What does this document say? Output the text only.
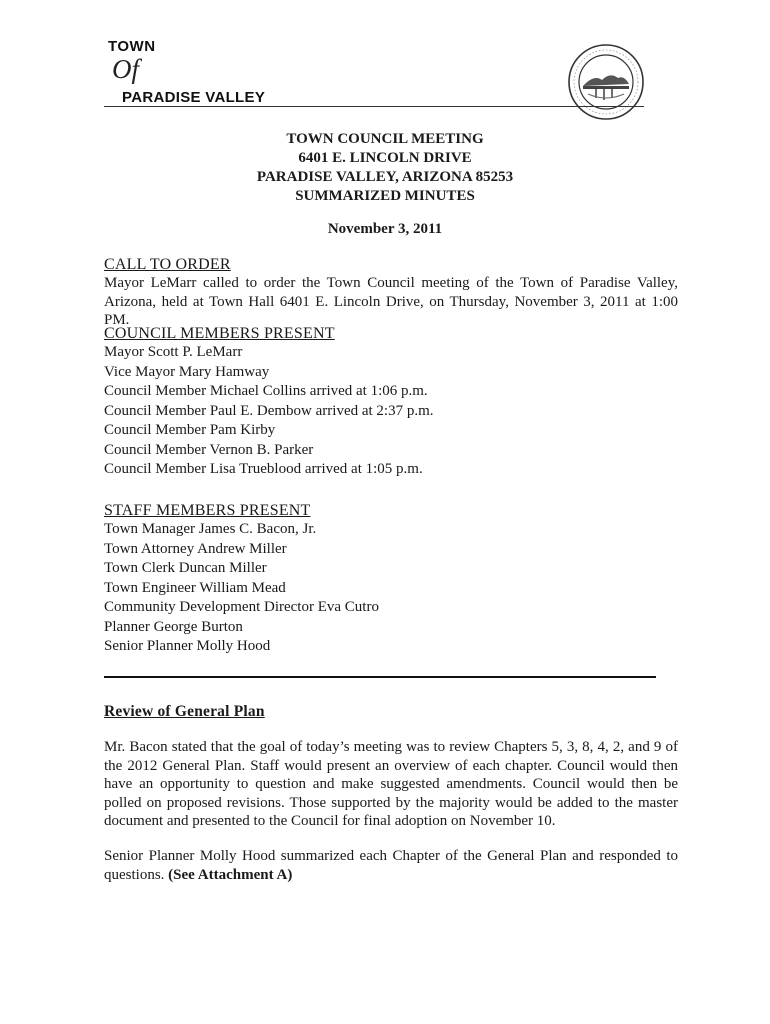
TOWN
Of
PARADISE VALLEY
TOWN COUNCIL MEETING
6401 E. LINCOLN DRIVE
PARADISE VALLEY, ARIZONA 85253
SUMMARIZED MINUTES
November 3, 2011
CALL TO ORDER
Mayor LeMarr called to order the Town Council meeting of the Town of Paradise Valley, Arizona, held at Town Hall 6401 E. Lincoln Drive, on Thursday, November 3, 2011 at 1:00 PM.
COUNCIL MEMBERS PRESENT
Mayor Scott P. LeMarr
Vice Mayor Mary Hamway
Council Member Michael Collins arrived at 1:06 p.m.
Council Member Paul E. Dembow arrived at 2:37 p.m.
Council Member Pam Kirby
Council Member Vernon B. Parker
Council Member Lisa Trueblood arrived at 1:05 p.m.
STAFF MEMBERS PRESENT
Town Manager James C. Bacon, Jr.
Town Attorney Andrew Miller
Town Clerk Duncan Miller
Town Engineer William Mead
Community Development Director Eva Cutro
Planner George Burton
Senior Planner Molly Hood
Review of General Plan
Mr. Bacon stated that the goal of today’s meeting was to review Chapters 5, 3, 8, 4, 2, and 9 of the 2012 General Plan. Staff would present an overview of each chapter. Council would then have an opportunity to question and make suggested amendments. Council would then be polled on proposed revisions. Those supported by the majority would be added to the master document and presented to the Council for final adoption on November 10.
Senior Planner Molly Hood summarized each Chapter of the General Plan and responded to questions. (See Attachment A)
